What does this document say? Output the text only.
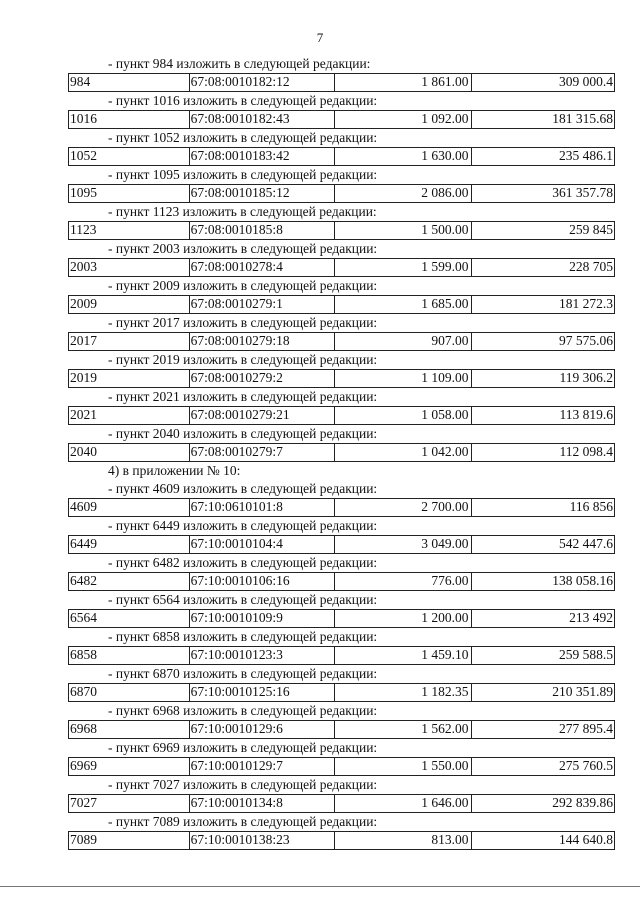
7
- пункт 984 изложить в следующей редакции:
984	67:08:0010182:12	1 861.00	309 000.4
- пункт 1016 изложить в следующей редакции:
1016	67:08:0010182:43	1 092.00	181 315.68
- пункт 1052 изложить в следующей редакции:
1052	67:08:0010183:42	1 630.00	235 486.1
- пункт 1095 изложить в следующей редакции:
1095	67:08:0010185:12	2 086.00	361 357.78
- пункт 1123 изложить в следующей редакции:
1123	67:08:0010185:8	1 500.00	259 845
- пункт 2003 изложить в следующей редакции:
2003	67:08:0010278:4	1 599.00	228 705
- пункт 2009 изложить в следующей редакции:
2009	67:08:0010279:1	1 685.00	181 272.3
- пункт 2017 изложить в следующей редакции:
2017	67:08:0010279:18	907.00	97 575.06
- пункт 2019 изложить в следующей редакции:
2019	67:08:0010279:2	1 109.00	119 306.2
- пункт 2021 изложить в следующей редакции:
2021	67:08:0010279:21	1 058.00	113 819.6
- пункт 2040 изложить в следующей редакции:
2040	67:08:0010279:7	1 042.00	112 098.4
4) в приложении № 10:
- пункт 4609 изложить в следующей редакции:
4609	67:10:0610101:8	2 700.00	116 856
- пункт 6449 изложить в следующей редакции:
6449	67:10:0010104:4	3 049.00	542 447.6
- пункт 6482 изложить в следующей редакции:
6482	67:10:0010106:16	776.00	138 058.16
- пункт 6564 изложить в следующей редакции:
6564	67:10:0010109:9	1 200.00	213 492
- пункт 6858 изложить в следующей редакции:
6858	67:10:0010123:3	1 459.10	259 588.5
- пункт 6870 изложить в следующей редакции:
6870	67:10:0010125:16	1 182.35	210 351.89
- пункт 6968 изложить в следующей редакции:
6968	67:10:0010129:6	1 562.00	277 895.4
- пункт 6969 изложить в следующей редакции:
6969	67:10:0010129:7	1 550.00	275 760.5
- пункт 7027 изложить в следующей редакции:
7027	67:10:0010134:8	1 646.00	292 839.86
- пункт 7089 изложить в следующей редакции:
7089	67:10:0010138:23	813.00	144 640.8
